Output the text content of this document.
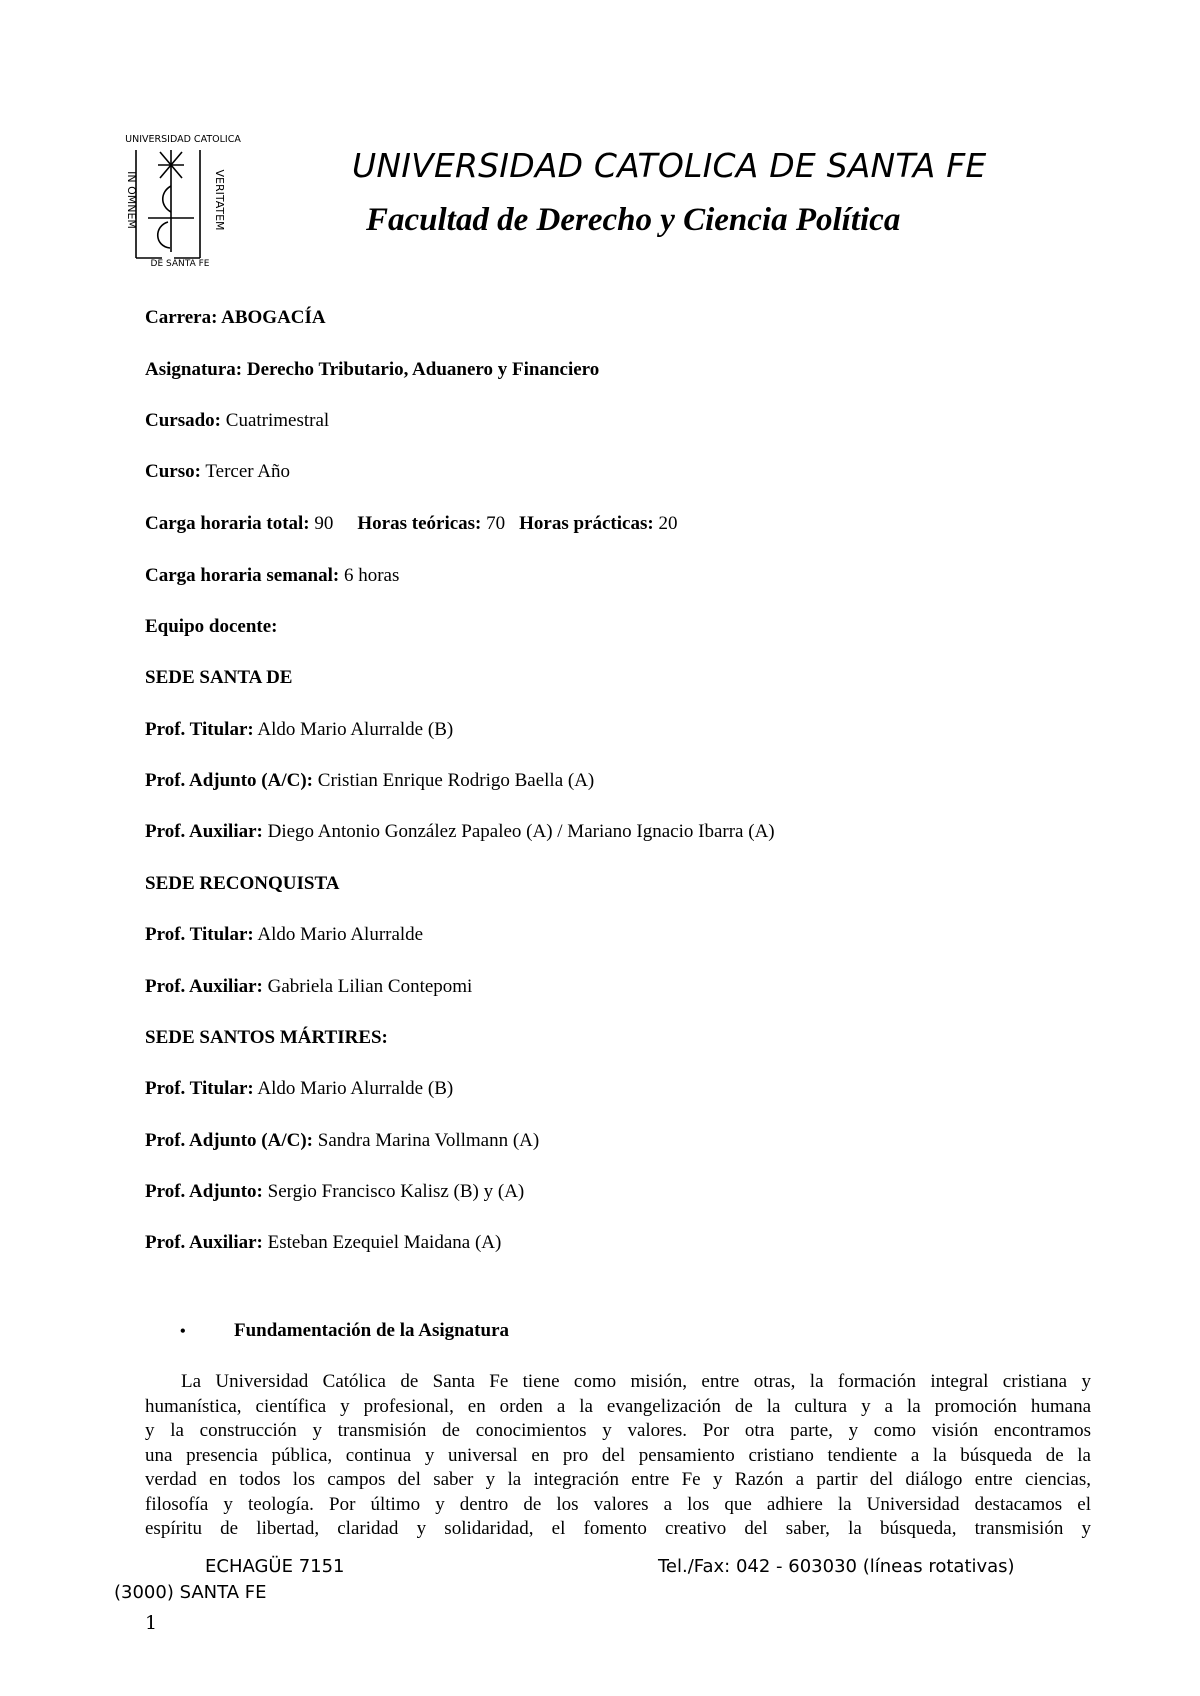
UNIVERSIDAD CATOLICA
IN OMNEM	VERITATEM
DE SANTA FE
UNIVERSIDAD CATOLICA DE SANTA FE
Facultad de Derecho y Ciencia Política
Carrera: ABOGACÍA
Asignatura: Derecho Tributario, Aduanero y Financiero
Cursado: Cuatrimestral
Curso: Tercer Año
Carga horaria total: 90 Horas teóricas: 70 Horas prácticas: 20
Carga horaria semanal: 6 horas
Equipo docente:
SEDE SANTA DE
Prof. Titular: Aldo Mario Alurralde (B)
Prof. Adjunto (A/C): Cristian Enrique Rodrigo Baella (A)
Prof. Auxiliar: Diego Antonio González Papaleo (A) / Mariano Ignacio Ibarra (A)
SEDE RECONQUISTA
Prof. Titular: Aldo Mario Alurralde
Prof. Auxiliar: Gabriela Lilian Contepomi
SEDE SANTOS MÁRTIRES:
Prof. Titular: Aldo Mario Alurralde (B)
Prof. Adjunto (A/C): Sandra Marina Vollmann (A)
Prof. Adjunto: Sergio Francisco Kalisz (B) y (A)
Prof. Auxiliar: Esteban Ezequiel Maidana (A)
•	Fundamentación de la Asignatura
La Universidad Católica de Santa Fe tiene como misión, entre otras, la formación integral cristiana y
humanística, científica y profesional, en orden a la evangelización de la cultura y a la promoción humana
y la construcción y transmisión de conocimientos y valores. Por otra parte, y como visión encontramos
una presencia pública, continua y universal en pro del pensamiento cristiano tendiente a la búsqueda de la
verdad en todos los campos del saber y la integración entre Fe y Razón a partir del diálogo entre ciencias,
filosofía y teología. Por último y dentro de los valores a los que adhiere la Universidad destacamos el
espíritu de libertad, claridad y solidaridad, el fomento creativo del saber, la búsqueda, transmisión y
ECHAGÜE 7151	Tel./Fax: 042 - 603030 (líneas rotativas)
(3000) SANTA FE
1
